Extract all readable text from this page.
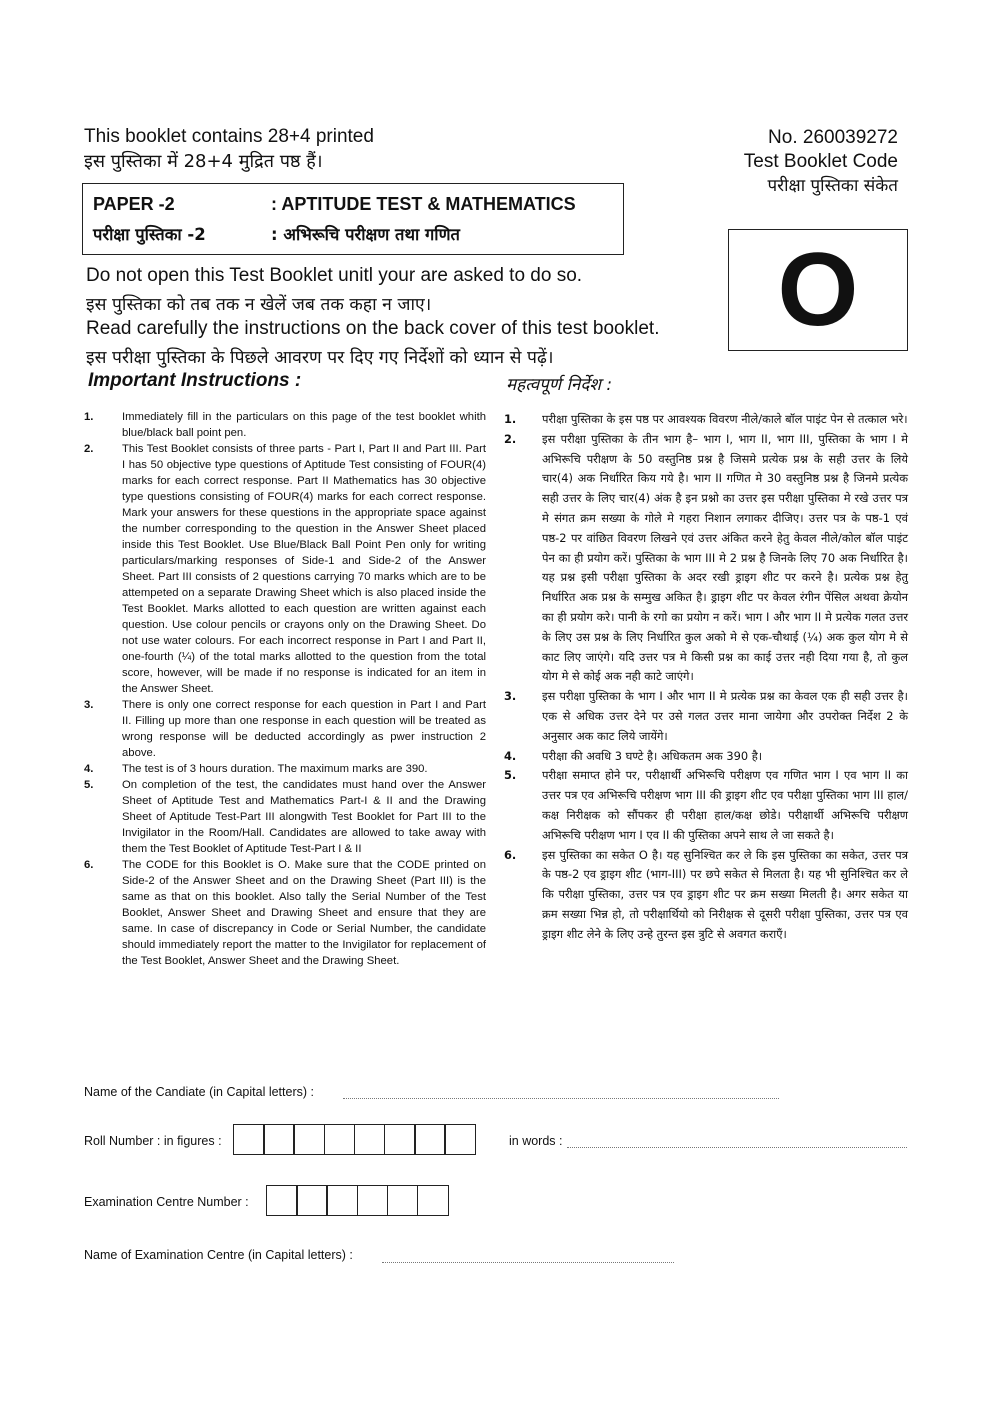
This booklet contains 28+4 printed
इस पुस्तिका में 28+4 मुद्रित पष्ठ हैं।
No. 260039272
Test Booklet Code
परीक्षा पुस्तिका संकेत
PAPER -2	: APTITUDE TEST & MATHEMATICS
परीक्षा पुस्तिका -2	: अभिरूचि परीक्षण तथा गणित	O
Do not open this Test Booklet unitl your are asked to do so.
इस पुस्तिका को तब तक न खेलें जब तक कहा न जाए।
Read carefully the instructions on the back cover of this test booklet.
इस परीक्षा पुस्तिका के पिछले आवरण पर दिए गए निर्देशों को ध्यान से पढ़ें।
Important Instructions :	महत्वपूर्ण निर्देश :

1.	Immediately fill in the particulars on this page of the test booklet whith blue/black ball point pen.

2.	This Test Booklet consists of three parts - Part I, Part II and Part III. Part I has 50 objective type questions of Aptitude Test consisting of FOUR(4) marks for each correct response. Part II Mathematics has 30 objective type questions consisting of FOUR(4) marks for each correct response. Mark your answers for these questions in the appropriate space against the number corresponding to the question in the Answer Sheet placed inside this Test Booklet. Use Blue/Black Ball Point Pen only for writing particulars/marking responses of Side-1 and Side-2 of the Answer Sheet. Part III consists of 2 questions carrying 70 marks which are to be attempeted on a separate Drawing Sheet which is also placed inside the Test Booklet. Marks allotted to each question are written against each question. Use colour pencils or crayons only on the Drawing Sheet. Do not use water colours. For each incorrect response in Part I and Part II, one-fourth (¼) of the total marks allotted to the question from the total score, however, will be made if no response is indicated for an item in the Answer Sheet.

3.	There is only one correct response for each question in Part I and Part II. Filling up more than one response in each question will be treated as wrong response will be deducted accordingly as pwer instruction 2 above.

4.	The test is of 3 hours duration. The maximum marks are 390.

5.	On completion of the test, the candidates must hand over the Answer Sheet of Aptitude Test and Mathematics Part-I & II and the Drawing Sheet of Aptitude Test-Part III alongwith Test Booklet for Part III to the Invigilator in the Room/Hall. Candidates are allowed to take away with them the Test Booklet of Aptitude Test-Part I & II

6.	The CODE for this Booklet is O. Make sure that the CODE printed on Side-2 of the Answer Sheet and on the Drawing Sheet (Part III) is the same as that on this booklet. Also tally the Serial Number of the Test Booklet, Answer Sheet and Drawing Sheet and ensure that they are same. In case of discrepancy in Code or Serial Number, the candidate should immediately report the matter to the Invigilator for replacement of the Test Booklet, Answer Sheet and the Drawing Sheet.

1. परीक्षा पुस्तिका के इस पष्ठ पर आवश्यक विवरण नीले/काले बॉल पाइंट पेन से तत्काल भरे।

2. इस परीक्षा पुस्तिका के तीन भाग है– भाग I, भाग II, भाग III, पुस्तिका के भाग I मे अभिरूचि परीक्षण के 50 वस्तुनिष्ठ प्रश्न है जिसमे प्रत्येक प्रश्न के सही उत्तर के लिये चार(4) अक निर्धारित किय गये है। भाग II गणित मे 30 वस्तुनिष्ठ प्रश्न है जिनमे प्रत्येक सही उत्तर के लिए चार(4) अंक है इन प्रश्नो का उत्तर इस परीक्षा पुस्तिका मे रखे उत्तर पत्र मे संगत क्रम सख्या के गोले मे गहरा निशान लगाकर दीजिए। उत्तर पत्र के पष्ठ-1 एवं पष्ठ-2 पर वांछित विवरण लिखने एवं उत्तर अंकित करने हेतु केवल नीले/कोल बॉल पाइंट पेन का ही प्रयोग करें। पुस्तिका के भाग III मे 2 प्रश्न है जिनके लिए 70 अक निर्धारित है। यह प्रश्न इसी परीक्षा पुस्तिका के अदर रखी ड्राइग शीट पर करने है। प्रत्येक प्रश्न हेतु निर्धारित अक प्रश्न के सम्मुख अकित है। ड्राइग शीट पर केवल रंगीन पेंसिल अथवा क्रेयोन का ही प्रयोग करे। पानी के रगो का प्रयोग न करें। भाग I और भाग II मे प्रत्येक गलत उत्तर के लिए उस प्रश्न के लिए निर्धारित कुल अको मे से एक-चौथाई (¼) अक कुल योग मे से काट लिए जाएंगे। यदि उत्तर पत्र मे किसी प्रश्न का काई उत्तर नही दिया गया है, तो कुल योग मे से कोई अक नही काटे जाएंगे।

3. इस परीक्षा पुस्तिका के भाग I और भाग II मे प्रत्येक प्रश्न का केवल एक ही सही उत्तर है। एक से अधिक उत्तर देने पर उसे गलत उत्तर माना जायेगा और उपरोक्त निर्देश 2 के अनुसार अक काट लिये जायेंगे।

4. परीक्षा की अवधि 3 घण्टे है। अधिकतम अक 390 है।

5. परीक्षा समाप्त होने पर, परीक्षार्थी अभिरूचि परीक्षण एव गणित भाग I एव भाग II का उत्तर पत्र एव अभिरूचि परीक्षण भाग III की ड्राइग शीट एव परीक्षा पुस्तिका भाग III हाल/कक्ष निरीक्षक को सौंपकर ही परीक्षा हाल/कक्ष छोडे। परीक्षार्थी अभिरूचि परीक्षण अभिरूचि परीक्षण भाग I एव II की पुस्तिका अपने साथ ले जा सकते है।

6. इस पुस्तिका का सकेत O है। यह सुनिश्चित कर ले कि इस पुस्तिका का सकेत, उत्तर पत्र के पष्ठ-2 एव ड्राइग शीट (भाग-III) पर छपे सकेत से मिलता है। यह भी सुनिश्चित कर ले कि परीक्षा पुस्तिका, उत्तर पत्र एव ड्राइग शीट पर क्रम सख्या मिलती है। अगर सकेत या क्रम सख्या भिन्न हो, तो परीक्षार्थियो को निरीक्षक से दूसरी परीक्षा पुस्तिका, उत्तर पत्र एव ड्राइग शीट लेने के लिए उन्हे तुरन्त इस त्रुटि से अवगत कराएँ।

Name of the Candiate (in Capital letters) :
Roll Number : in figures :	in words :
Examination Centre Number :
Name of Examination Centre (in Capital letters) :
